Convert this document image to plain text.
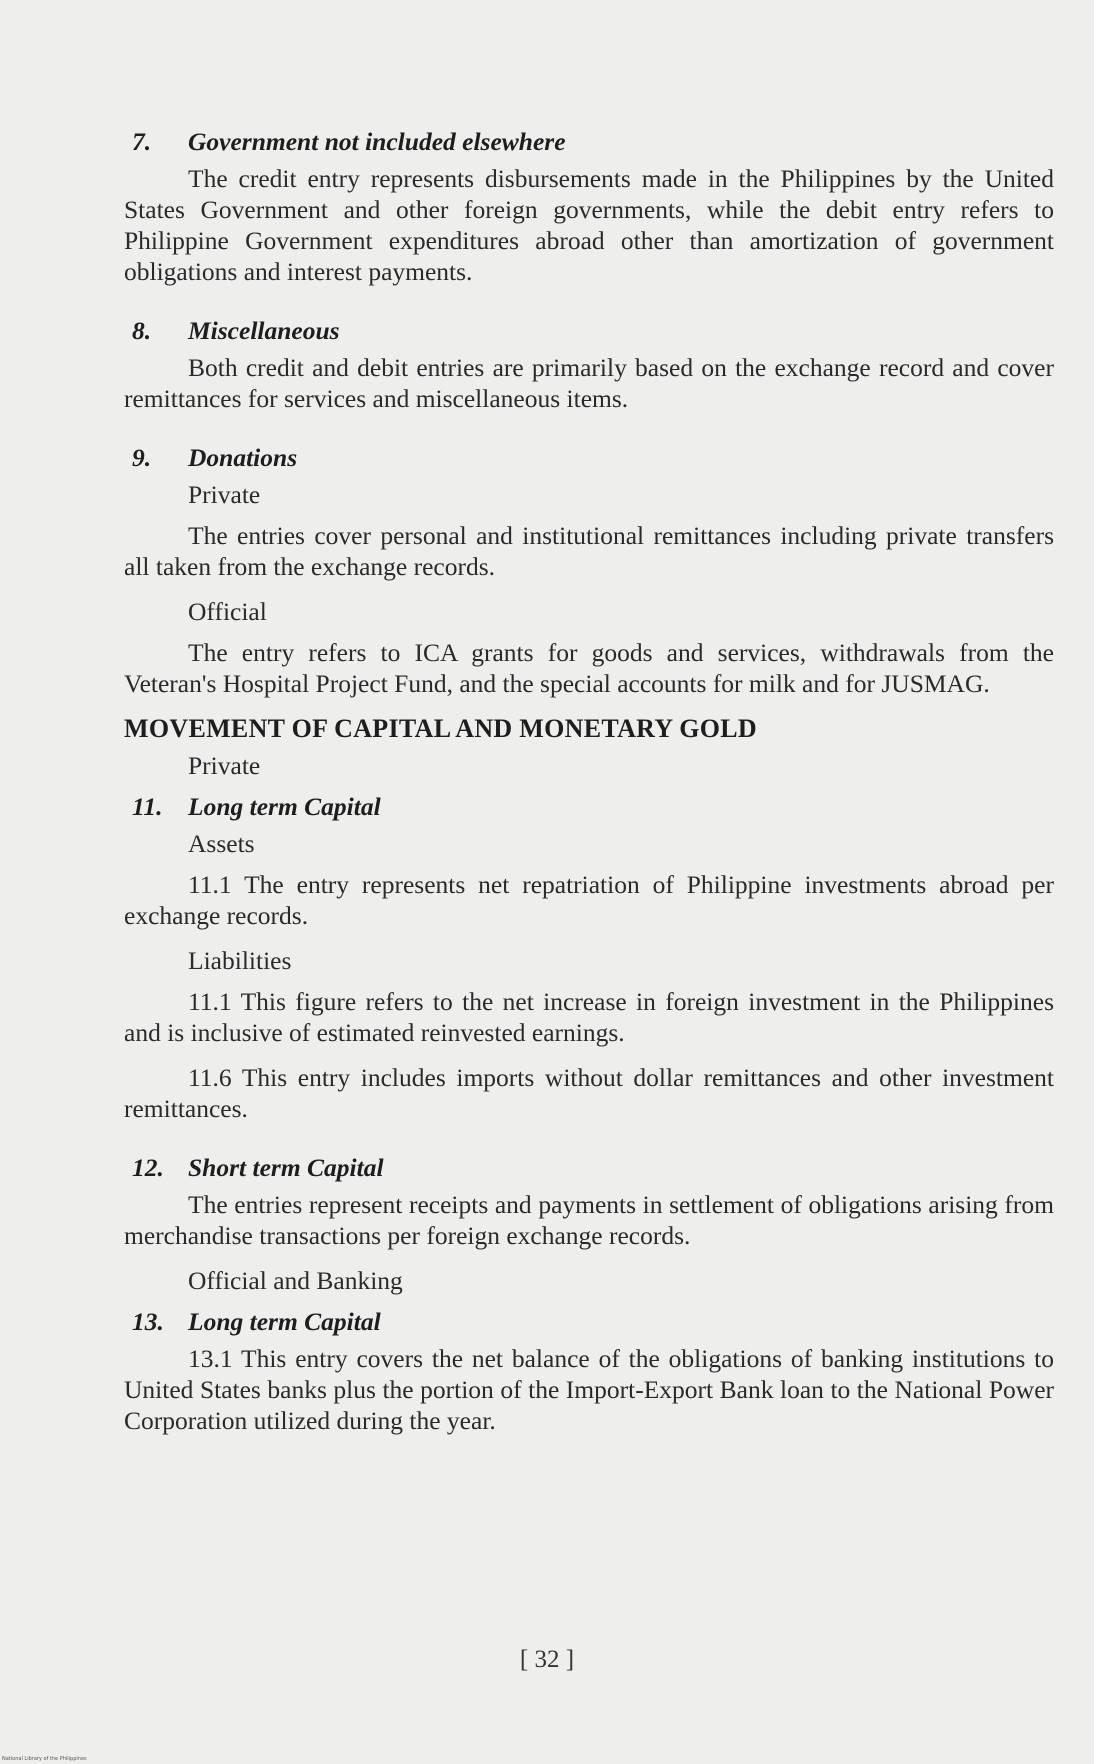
7. Government not included elsewhere

The credit entry represents disbursements made in the Philippines by the United States Government and other foreign governments, while the debit entry refers to Philippine Government expenditures abroad other than amortization of government obligations and interest payments.

8. Miscellaneous

Both credit and debit entries are primarily based on the exchange record and cover remittances for services and miscellaneous items.

9. Donations
Private

The entries cover personal and institutional remittances including private transfers all taken from the exchange records.

Official

The entry refers to ICA grants for goods and services, withdrawals from the Veteran's Hospital Project Fund, and the special accounts for milk and for JUSMAG.

MOVEMENT OF CAPITAL AND MONETARY GOLD
Private
11. Long term Capital
Assets

11.1 The entry represents net repatriation of Philippine investments abroad per exchange records.

Liabilities

11.1 This figure refers to the net increase in foreign investment in the Philippines and is inclusive of estimated reinvested earnings.

11.6 This entry includes imports without dollar remittances and other investment remittances.

12. Short term Capital

The entries represent receipts and payments in settlement of obligations arising from merchandise transactions per foreign exchange records.

Official and Banking
13. Long term Capital

13.1 This entry covers the net balance of the obligations of banking institutions to United States banks plus the portion of the Import-Export Bank loan to the National Power Corporation utilized during the year.

[ 32 ]
National Library of the Philippines
